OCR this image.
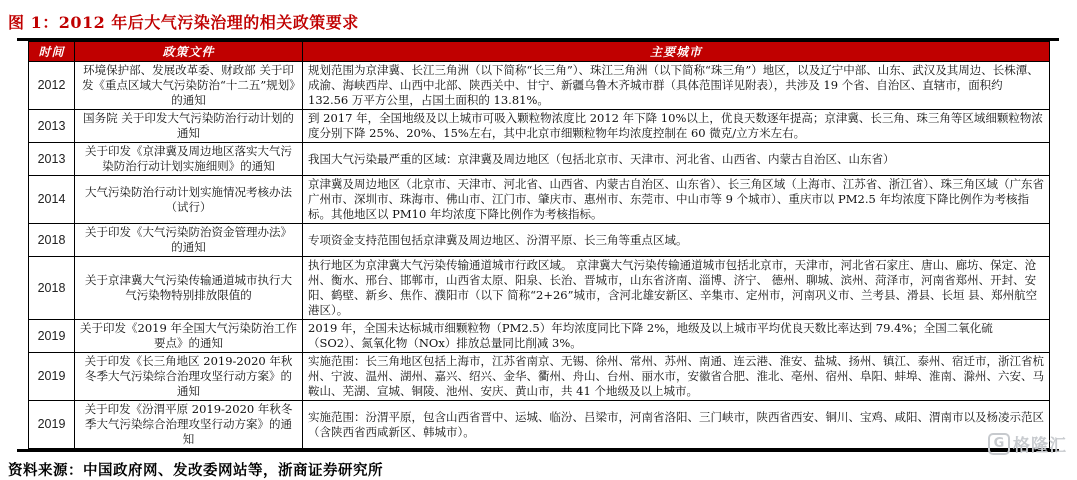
图 1：2012 年后大气污染治理的相关政策要求
时间	政策文件	主要城市
2012	环境保护部、发展改革委、财政部 关于印发《重点区域大气污染防治“十二五”规划》的通知	规划范围为京津冀、长江三角洲（以下简称“长三角”）、珠江三角洲（以下简称“珠三角”）地区，以及辽宁中部、山东、武汉及其周边、长株潭、成渝、海峡西岸、山西中北部、陕西关中、甘宁、新疆乌鲁木齐城市群（具体范围详见附表），共涉及 19 个省、自治区、直辖市，面积约 132.56 万平方公里，占国土面积的 13.81%。
2013	国务院 关于印发大气污染防治行动计划的通知	到 2017 年，全国地级及以上城市可吸入颗粒物浓度比 2012 年下降 10%以上，优良天数逐年提高；京津冀、长三角、珠三角等区域细颗粒物浓度分别下降 25%、20%、15%左右，其中北京市细颗粒物年均浓度控制在 60 微克/立方米左右。
2013	关于印发《京津冀及周边地区落实大气污染防治行动计划实施细则》的通知	我国大气污染最严重的区域：京津冀及周边地区（包括北京市、天津市、河北省、山西省、内蒙古自治区、山东省）
2014	大气污染防治行动计划实施情况考核办法（试行）	京津冀及周边地区（北京市、天津市、河北省、山西省、内蒙古自治区、山东省）、长三角区域（上海市、江苏省、浙江省）、珠三角区域（广东省广州市、深圳市、珠海市、佛山市、江门市、肇庆市、惠州市、东莞市、中山市等 9 个城市）、重庆市以 PM2.5 年均浓度下降比例作为考核指标。其他地区以 PM10 年均浓度下降比例作为考核指标。
2018	关于印发《大气污染防治资金管理办法》的通知	专项资金支持范围包括京津冀及周边地区、汾渭平原、长三角等重点区域。
2018	关于京津冀大气污染传输通道城市执行大气污染物特别排放限值的	执行地区为京津冀大气污染传输通道城市行政区域。 京津冀大气污染传输通道城市包括北京市，天津市，河北省石家庄、唐山、廊坊、保定、沧州、衡水、邢台、邯郸市，山西省太原、阳泉、长治、晋城市，山东省济南、淄博、济宁、 德州、聊城、滨州、菏泽市，河南省郑州、开封、安阳、鹤壁、新乡、焦作、濮阳市（以下 简称“2+26”城市，含河北雄安新区、辛集市、定州市，河南巩义市、兰考县、滑县、长垣 县、郑州航空港区）。
2019	关于印发《2019 年全国大气污染防治工作要点》的通知	2019 年，全国未达标城市细颗粒物（PM2.5）年均浓度同比下降 2%，地级及以上城市平均优良天数比率达到 79.4%；全国二氧化硫（SO2）、氮氧化物（NOx）排放总量同比削减 3%。
2019	关于印发《长三角地区 2019-2020 年秋冬季大气污染综合治理攻坚行动方案》的通知	实施范围：长三角地区包括上海市，江苏省南京、无锡、徐州、常州、苏州、南通、连云港、淮安、盐城、扬州、镇江、泰州、宿迁市，浙江省杭州、宁波、温州、湖州、嘉兴、绍兴、金华、衢州、舟山、台州、丽水市，安徽省合肥、淮北、亳州、宿州、阜阳、蚌埠、淮南、滁州、六安、马鞍山、芜湖、宣城、铜陵、池州、安庆、黄山市，共 41 个地级及以上城市。
2019	关于印发《汾渭平原 2019-2020 年秋冬季大气污染综合治理攻坚行动方案》的通知	实施范围：汾渭平原，包含山西省晋中、运城、临汾、吕梁市，河南省洛阳、三门峡市，陕西省西安、铜川、宝鸡、咸阳、渭南市以及杨凌示范区（含陕西省西咸新区、韩城市）。
资料来源：中国政府网、发改委网站等，浙商证券研究所
G 格隆汇
